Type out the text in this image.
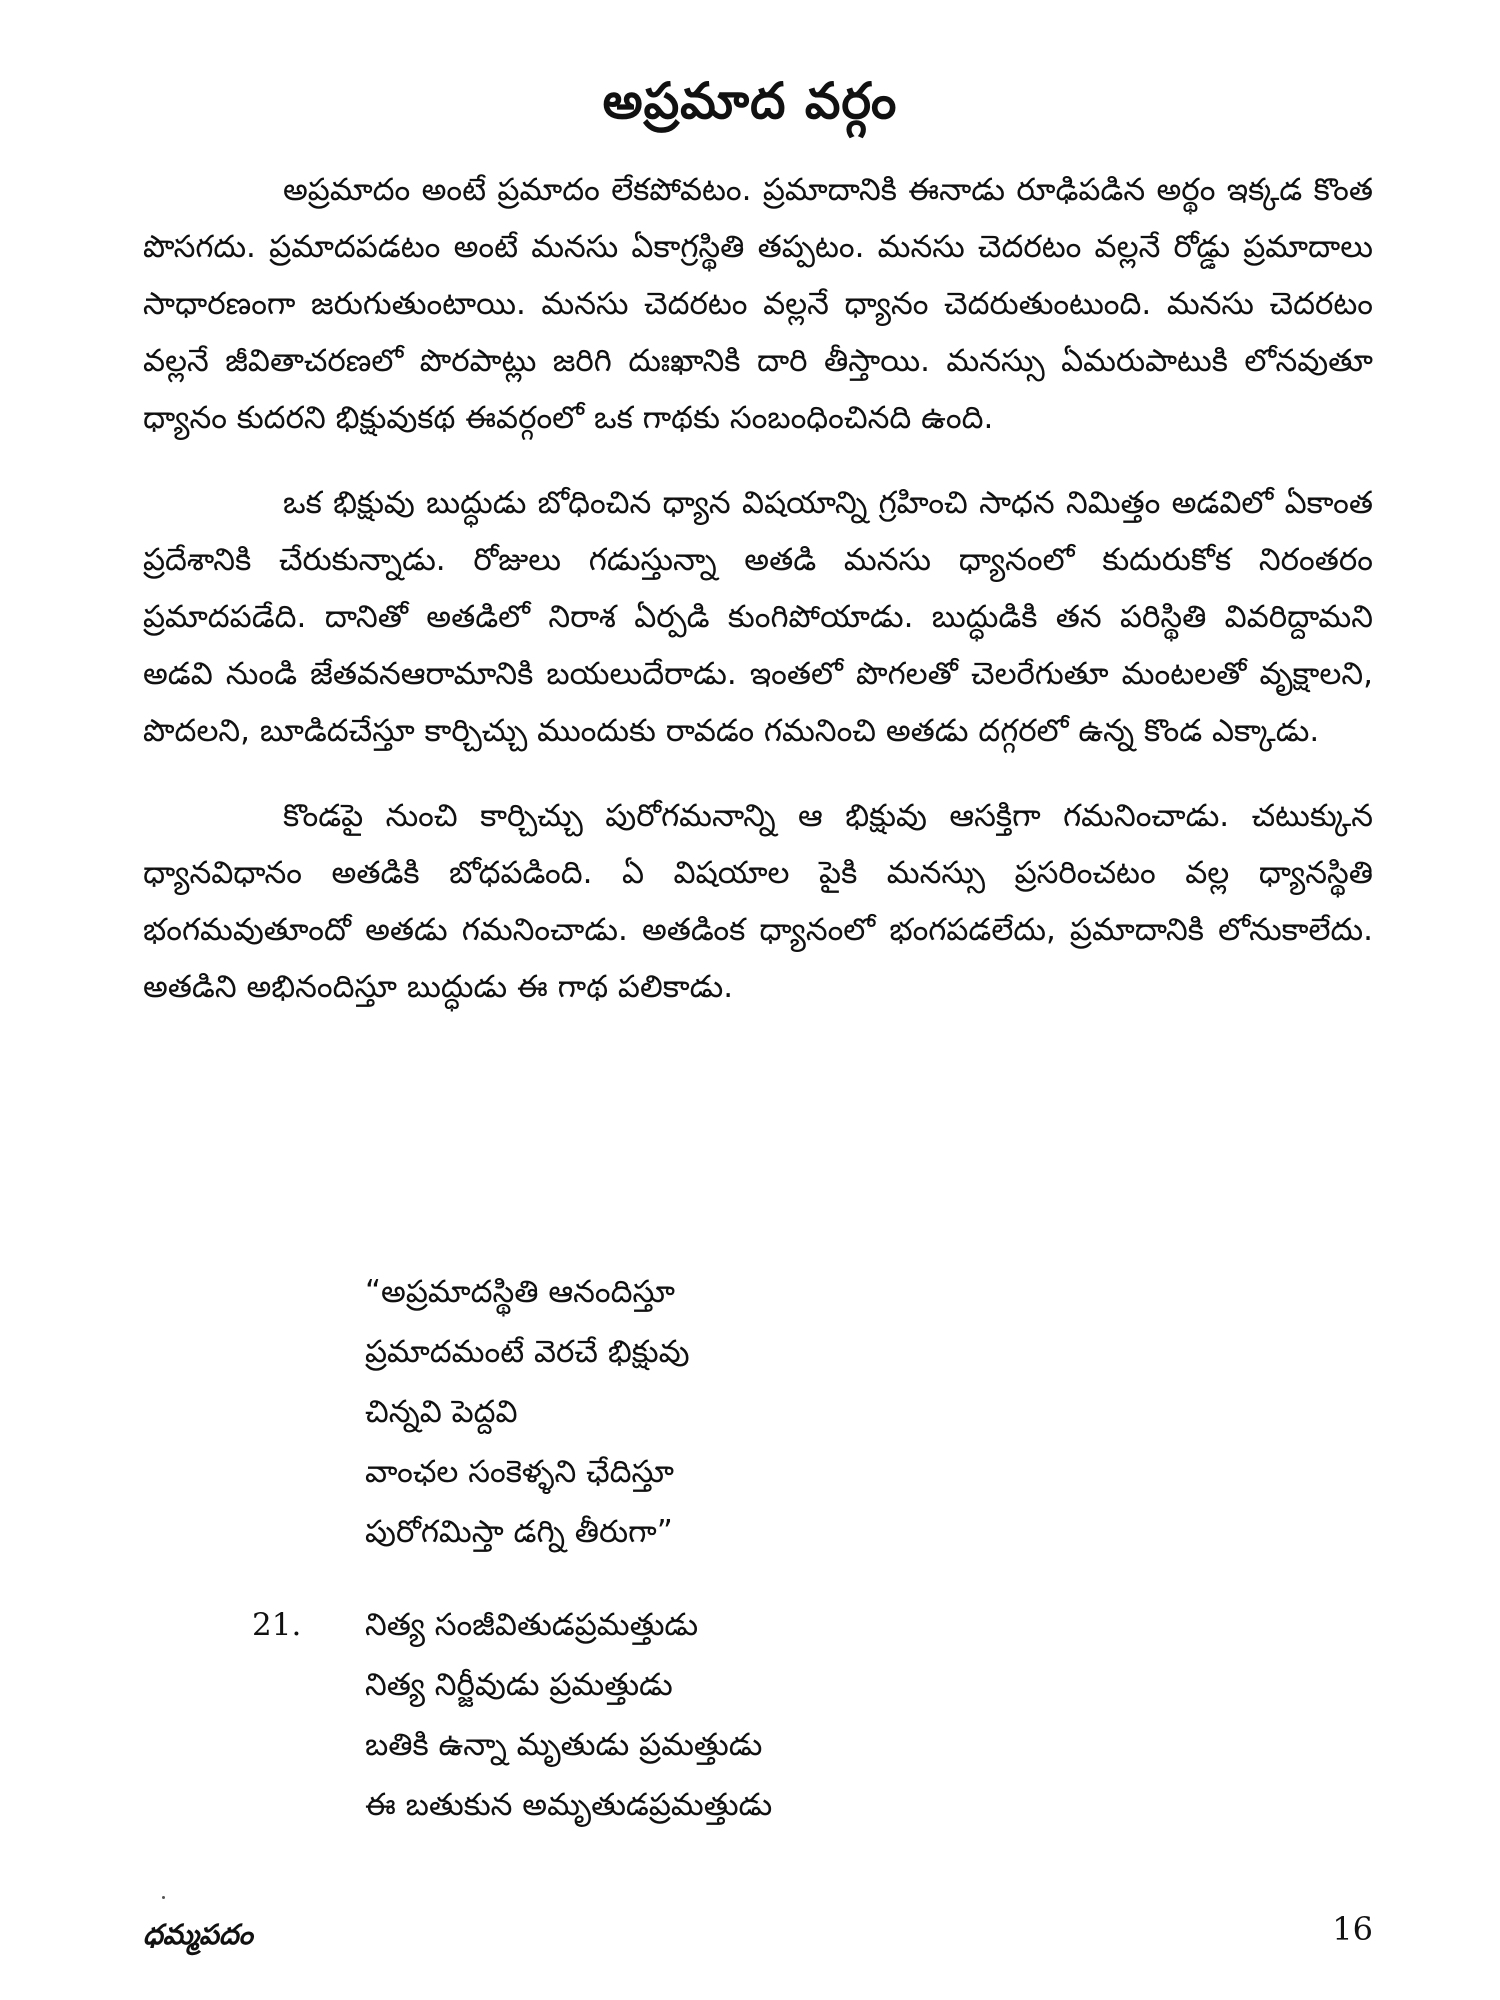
అప్రమాద వర్గం

అప్రమాదం అంటే ప్రమాదం లేకపోవటం. ప్రమాదానికి ఈనాడు రూఢిపడిన అర్థం ఇక్కడ కొంత పొసగదు. ప్రమాదపడటం అంటే మనసు ఏకాగ్రస్థితి తప్పటం. మనసు చెదరటం వల్లనే రోడ్డు ప్రమాదాలు సాధారణంగా జరుగుతుంటాయి. మనసు చెదరటం వల్లనే ధ్యానం చెదరుతుంటుంది. మనసు చెదరటం వల్లనే జీవితాచరణలో పొరపాట్లు జరిగి దుఃఖానికి దారి తీస్తాయి. మనస్సు ఏమరుపాటుకి లోనవుతూ ధ్యానం కుదరని భిక్షువుకథ ఈవర్గంలో ఒక గాథకు సంబంధించినది ఉంది.

ఒక భిక్షువు బుద్ధుడు బోధించిన ధ్యాన విషయాన్ని గ్రహించి సాధన నిమిత్తం అడవిలో ఏకాంత ప్రదేశానికి చేరుకున్నాడు. రోజులు గడుస్తున్నా అతడి మనసు ధ్యానంలో కుదురుకోక నిరంతరం ప్రమాదపడేది. దానితో అతడిలో నిరాశ ఏర్పడి కుంగిపోయాడు. బుద్ధుడికి తన పరిస్థితి వివరిద్దామని అడవి నుండి జేతవనఆరామానికి బయలుదేరాడు. ఇంతలో పొగలతో చెలరేగుతూ మంటలతో వృక్షాలని, పొదలని, బూడిదచేస్తూ కార్చిచ్చు ముందుకు రావడం గమనించి అతడు దగ్గరలో ఉన్న కొండ ఎక్కాడు.

కొండపై నుంచి కార్చిచ్చు పురోగమనాన్ని ఆ భిక్షువు ఆసక్తిగా గమనించాడు. చటుక్కున ధ్యానవిధానం అతడికి బోధపడింది. ఏ విషయాల పైకి మనస్సు ప్రసరించటం వల్ల ధ్యానస్థితి భంగమవుతూందో అతడు గమనించాడు. అతడింక ధ్యానంలో భంగపడలేదు, ప్రమాదానికి లోనుకాలేదు. అతడిని అభినందిస్తూ బుద్ధుడు ఈ గాథ పలికాడు.

“అప్రమాదస్థితి ఆనందిస్తూ
ప్రమాదమంటే వెరచే భిక్షువు
చిన్నవి పెద్దవి
వాంఛల సంకెళ్ళని ఛేదిస్తూ
పురోగమిస్తా డగ్ని తీరుగా”
21. నిత్య సంజీవితుడప్రమత్తుడు
నిత్య నిర్జీవుడు ప్రమత్తుడు
బతికి ఉన్నా మృతుడు ప్రమత్తుడు
ఈ బతుకున అమృతుడప్రమత్తుడు
ధమ్మపదం	16
